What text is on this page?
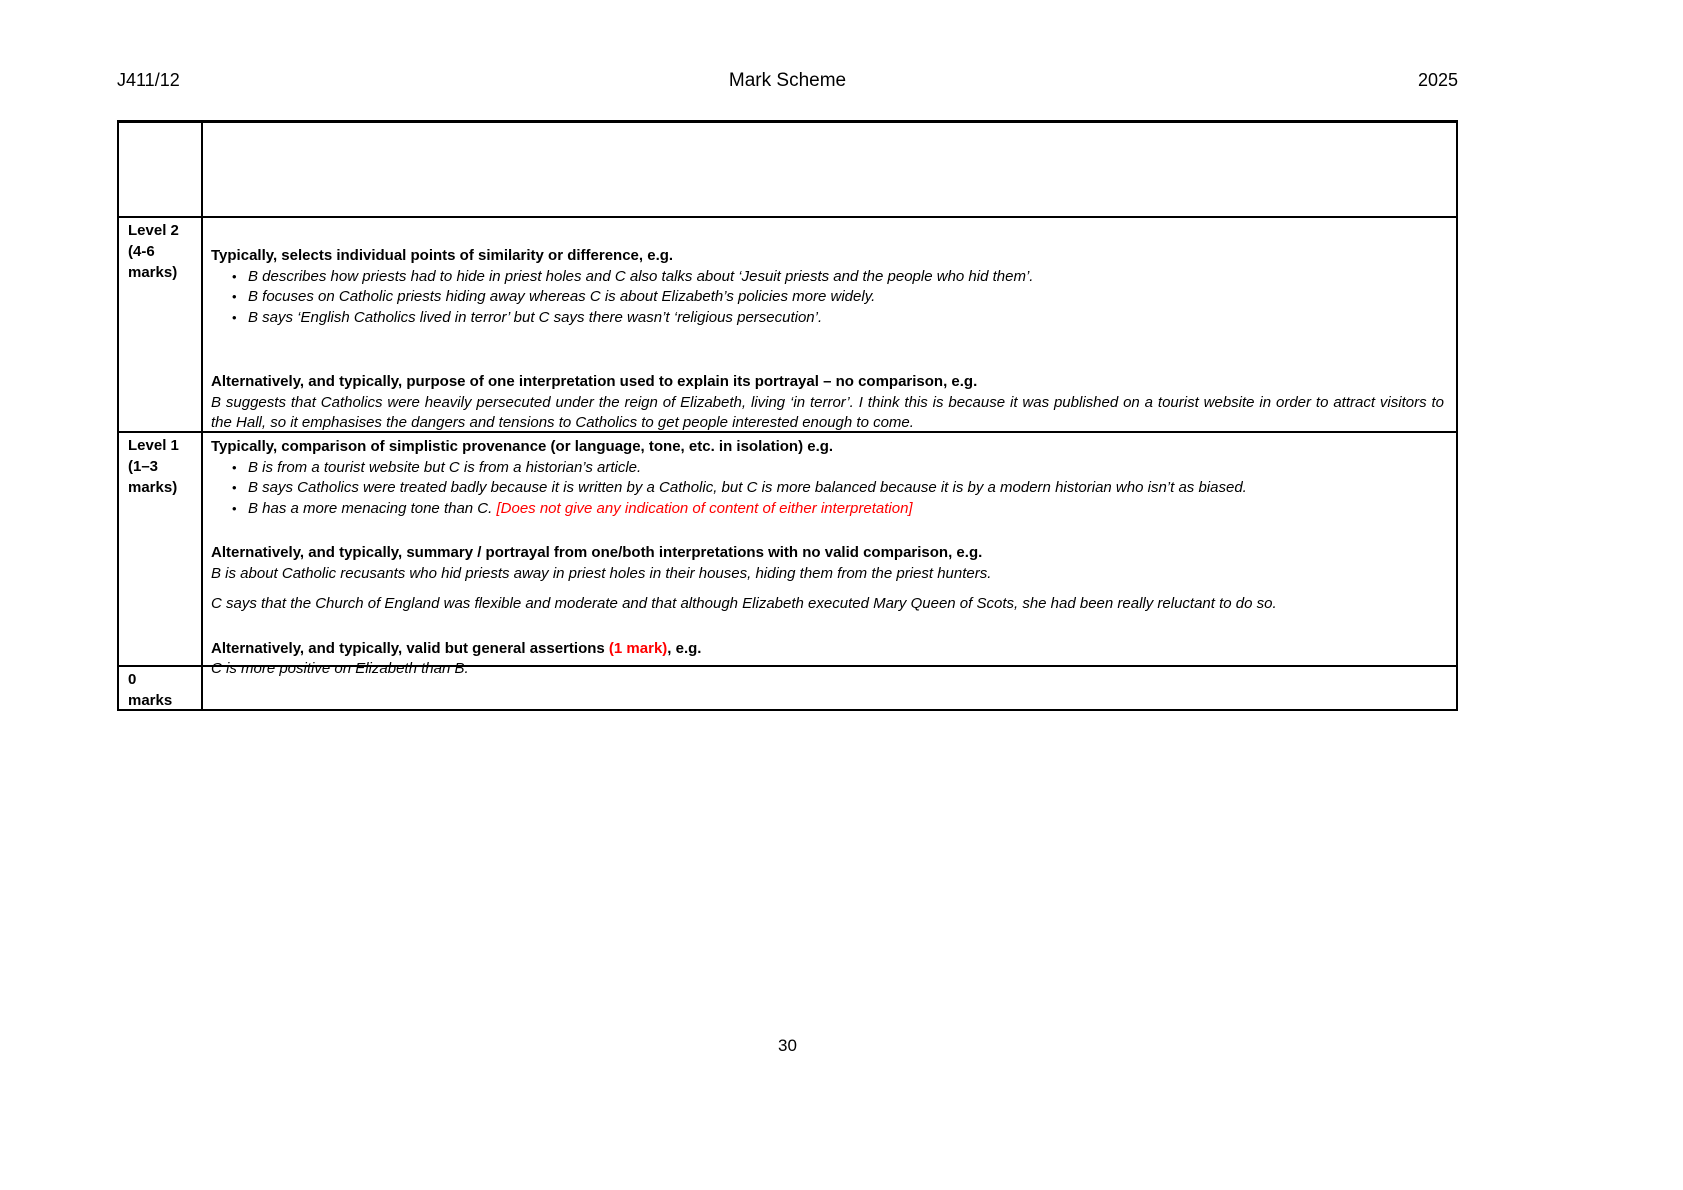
J411/12	Mark Scheme	2025
Level 2
(4-6
marks)
Typically, selects individual points of similarity or difference, e.g.
• B describes how priests had to hide in priest holes and C also talks about ‘Jesuit priests and the people who hid them’.
• B focuses on Catholic priests hiding away whereas C is about Elizabeth’s policies more widely.
• B says ‘English Catholics lived in terror’ but C says there wasn’t ‘religious persecution’.
Alternatively, and typically, purpose of one interpretation used to explain its portrayal – no comparison, e.g.
B suggests that Catholics were heavily persecuted under the reign of Elizabeth, living ‘in terror’. I think this is because it was published on a tourist website in order to attract visitors to the Hall, so it emphasises the dangers and tensions to Catholics to get people interested enough to come.
Level 1
(1–3
marks)
Typically, comparison of simplistic provenance (or language, tone, etc. in isolation) e.g.
• B is from a tourist website but C is from a historian’s article.
• B says Catholics were treated badly because it is written by a Catholic, but C is more balanced because it is by a modern historian who isn’t as biased.
• B has a more menacing tone than C. [Does not give any indication of content of either interpretation]
Alternatively, and typically, summary / portrayal from one/both interpretations with no valid comparison, e.g.
B is about Catholic recusants who hid priests away in priest holes in their houses, hiding them from the priest hunters.
C says that the Church of England was flexible and moderate and that although Elizabeth executed Mary Queen of Scots, she had been really reluctant to do so.
Alternatively, and typically, valid but general assertions (1 mark), e.g.
C is more positive on Elizabeth than B.
0
marks
30
